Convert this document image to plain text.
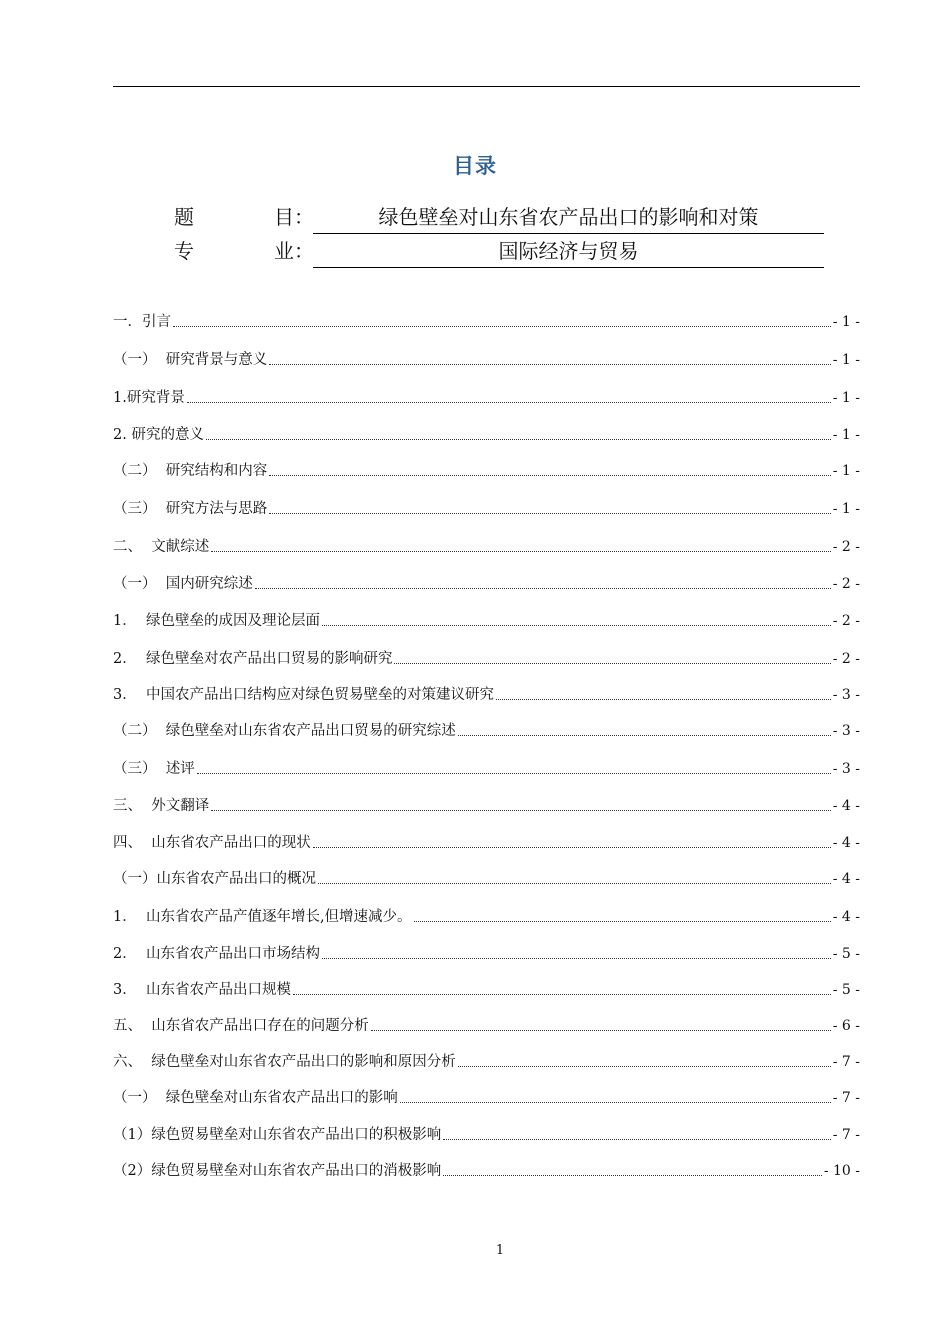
目录
题	目：	绿色壁垒对山东省农产品出口的影响和对策
专	业：	国际经济与贸易
一．引言	- 1 -
（一）  研究背景与意义	- 1 -
1.研究背景	- 1 -
2. 研究的意义	- 1 -
（二）  研究结构和内容	- 1 -
（三）  研究方法与思路	- 1 -
二、  文献综述	- 2 -
（一）  国内研究综述	- 2 -
1．  绿色壁垒的成因及理论层面	- 2 -
2．  绿色壁垒对农产品出口贸易的影响研究	- 2 -
3．  中国农产品出口结构应对绿色贸易壁垒的对策建议研究	- 3 -
（二）  绿色壁垒对山东省农产品出口贸易的研究综述	- 3 -
（三）  述评	- 3 -
三、  外文翻译	- 4 -
四、  山东省农产品出口的现状	- 4 -
（一）山东省农产品出口的概况	- 4 -
1．  山东省农产品产值逐年增长,但增速减少。	- 4 -
2．  山东省农产品出口市场结构	- 5 -
3．  山东省农产品出口规模	- 5 -
五、  山东省农产品出口存在的问题分析	- 6 -
六、  绿色壁垒对山东省农产品出口的影响和原因分析	- 7 -
（一）  绿色壁垒对山东省农产品出口的影响	- 7 -
（1）绿色贸易壁垒对山东省农产品出口的积极影响	- 7 -
（2）绿色贸易壁垒对山东省农产品出口的消极影响	- 10 -
1
